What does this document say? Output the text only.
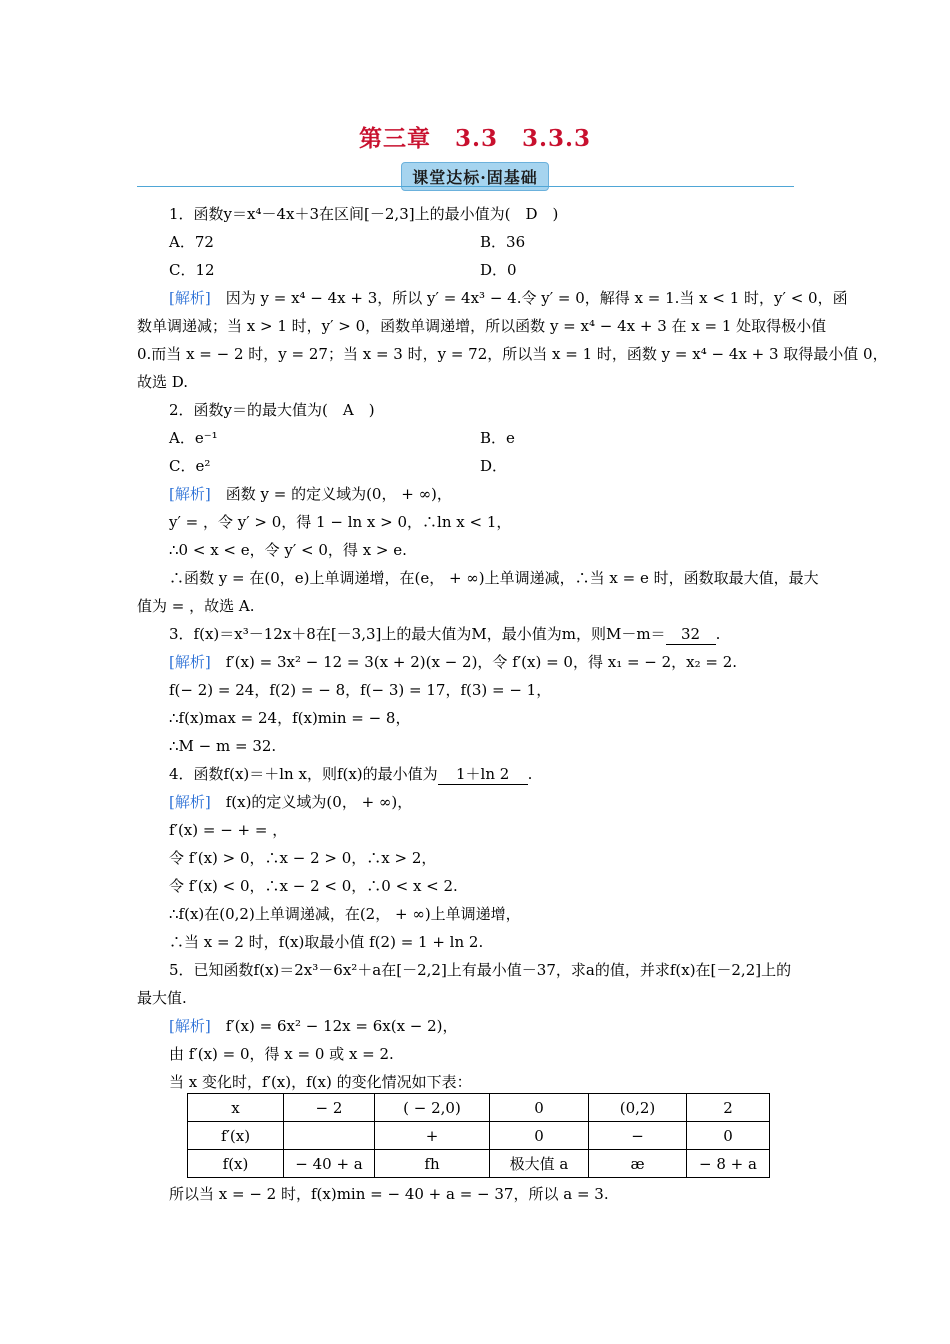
第三章　3.3　3.3.3
课堂达标·固基础
1．函数y＝x⁴－4x＋3在区间[－2,3]上的最小值为(　D　)
A．72	B．36
C．12	D．0
[解析]　因为 y = x⁴ − 4x + 3，所以 y′ = 4x³ − 4.令 y′ = 0，解得 x = 1.当 x < 1 时，y′ < 0，函
数单调递减；当 x > 1 时，y′ > 0，函数单调递增，所以函数 y = x⁴ − 4x + 3 在 x = 1 处取得极小值
0.而当 x = − 2 时，y = 27；当 x = 3 时，y = 72，所以当 x = 1 时，函数 y = x⁴ − 4x + 3 取得最小值 0，
故选 D.
2．函数y＝的最大值为(　A　)
A．e⁻¹	B．e
C．e²	D．
[解析]　函数 y = 的定义域为(0， + ∞)，
y′ = ，令 y′ > 0，得 1 − ln x > 0，∴ln x < 1，
∴0 < x < e，令 y′ < 0，得 x > e.
∴函数 y = 在(0，e)上单调递增，在(e， + ∞)上单调递减，∴当 x = e 时，函数取最大值，最大
值为 = ，故选 A.
3．f(x)＝x³－12x＋8在[－3,3]上的最大值为M，最小值为m，则M－m＝ 32 .
[解析]　f′(x) = 3x² − 12 = 3(x + 2)(x − 2)，令 f′(x) = 0，得 x₁ = − 2，x₂ = 2.
f(− 2) = 24，f(2) = − 8，f(− 3) = 17，f(3) = − 1，
∴f(x)max = 24，f(x)min = − 8，
∴M − m = 32.
4．函数f(x)＝＋ln x，则f(x)的最小值为 1＋ln 2 .
[解析]　f(x)的定义域为(0， + ∞)，
f′(x) = − + = ，
令 f′(x) > 0，∴x − 2 > 0，∴x > 2，
令 f′(x) < 0，∴x − 2 < 0，∴0 < x < 2.
∴f(x)在(0,2)上单调递减，在(2， + ∞)上单调递增，
∴当 x = 2 时，f(x)取最小值 f(2) = 1 + ln 2.
5．已知函数f(x)＝2x³－6x²＋a在[－2,2]上有最小值－37，求a的值，并求f(x)在[－2,2]上的
最大值.
[解析]　f′(x) = 6x² − 12x = 6x(x − 2)，
由 f′(x) = 0，得 x = 0 或 x = 2.
当 x 变化时，f′(x)，f(x) 的变化情况如下表：
x	− 2	( − 2,0)	0	(0,2)	2
f′(x)		+	0	−	0
f(x)	− 40 + a	fh	极大值 a	æ	− 8 + a
所以当 x = − 2 时，f(x)min = − 40 + a = − 37，所以 a = 3.
